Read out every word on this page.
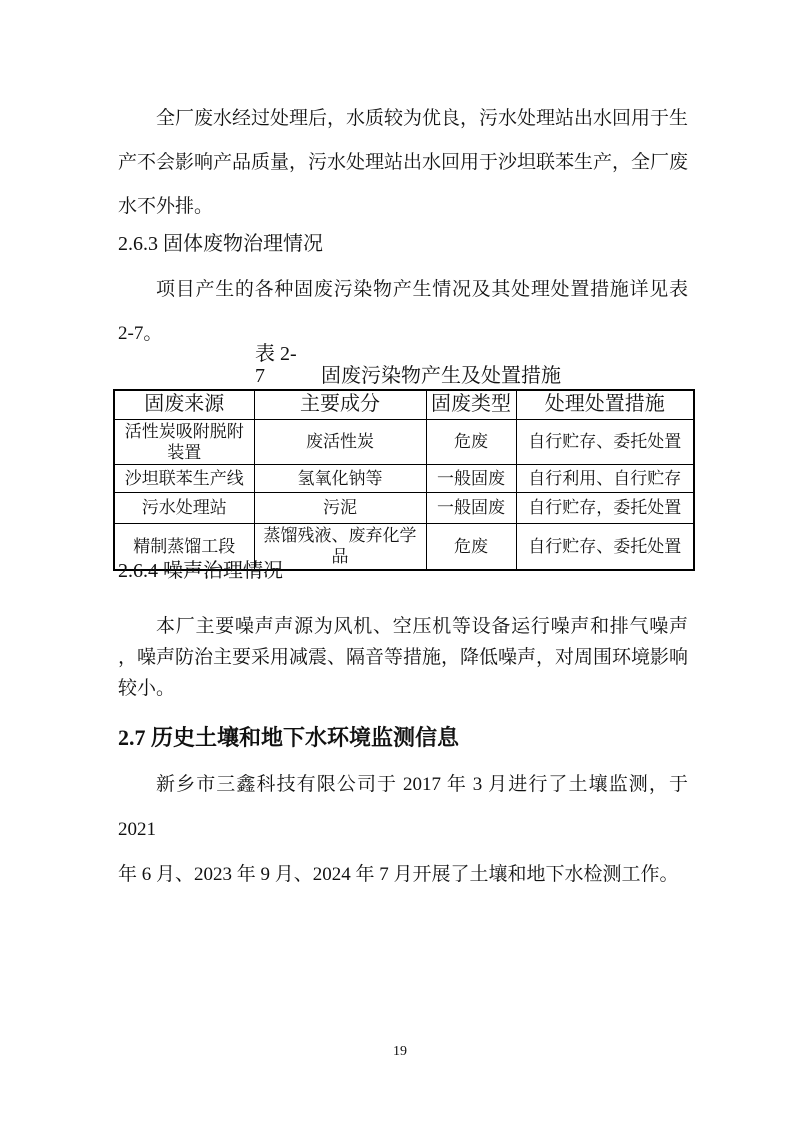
全厂废水经过处理后，水质较为优良，污水处理站出水回用于生
产不会影响产品质量，污水处理站出水回用于沙坦联苯生产，全厂废
水不外排。
2.6.3 固体废物治理情况
项目产生的各种固废污染物产生情况及其处理处置措施详见表
2-7。
表 2-
7	固废污染物产生及处置措施
固废来源	主要成分	固废类型	处理处置措施
活性炭吸附脱附装置	废活性炭	危废	自行贮存、委托处置
沙坦联苯生产线	氢氧化钠等	一般固废	自行利用、自行贮存
污水处理站	污泥	一般固废	自行贮存，委托处置
精制蒸馏工段	蒸馏残液、废弃化学品	危废	自行贮存、委托处置
2.6.4 噪声治理情况
本厂主要噪声声源为风机、空压机等设备运行噪声和排气噪声
，噪声防治主要采用减震、隔音等措施，降低噪声，对周围环境影响
较小。
2.7 历史土壤和地下水环境监测信息
新乡市三鑫科技有限公司于 2017 年 3 月进行了土壤监测，于 2021
年 6 月、2023 年 9 月、2024 年 7 月开展了土壤和地下水检测工作。
19
